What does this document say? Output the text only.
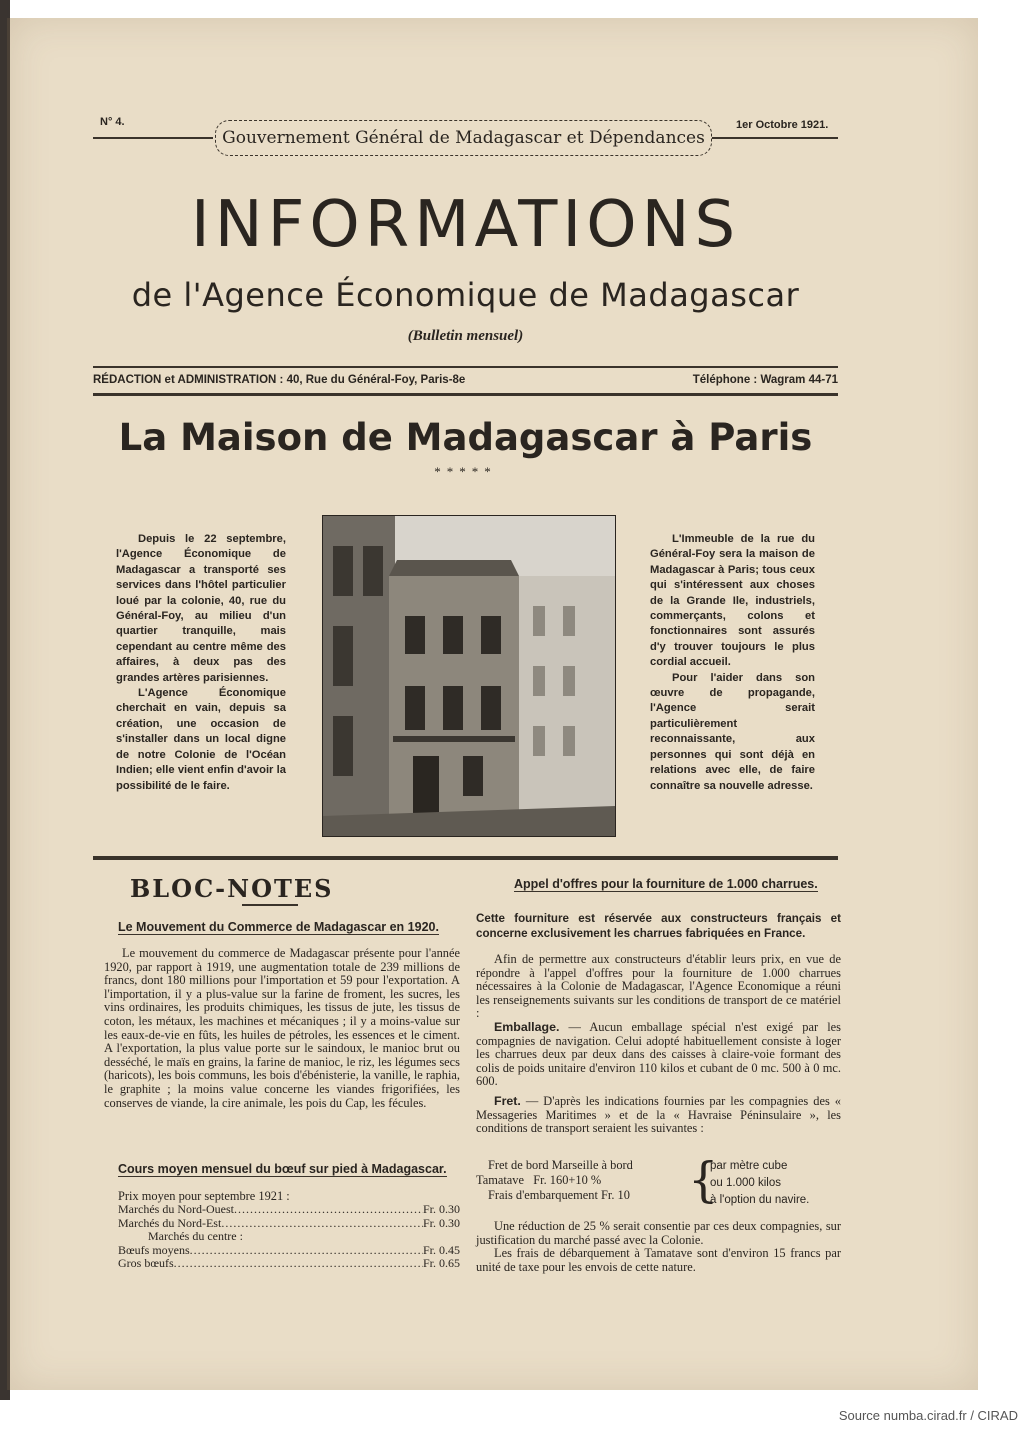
N° 4.	1er Octobre 1921.
Gouvernement Général de Madagascar et Dépendances
INFORMATIONS
de l'Agence Économique de Madagascar
(Bulletin mensuel)
RÉDACTION et ADMINISTRATION : 40, Rue du Général-Foy, Paris-8e	Téléphone : Wagram 44-71
La Maison de Madagascar à Paris
*****

Depuis le 22 septembre, l'Agence Économique de Madagascar a transporté ses services dans l'hôtel particulier loué par la colonie, 40, rue du Général-Foy, au milieu d'un quartier tranquille, mais cependant au centre même des affaires, à deux pas des grandes artères parisiennes.

L'Agence Économique cherchait en vain, depuis sa création, une occasion de s'installer dans un local digne de notre Colonie de l'Océan Indien; elle vient enfin d'avoir la possibilité de le faire.

L'Immeuble de la rue du Général-Foy sera la maison de Madagascar à Paris; tous ceux qui s'intéressent aux choses de la Grande Ile, industriels, commerçants, colons et fonctionnaires sont assurés d'y trouver toujours le plus cordial accueil.

Pour l'aider dans son œuvre de propagande, l'Agence serait particulièrement reconnaissante, aux personnes qui sont déjà en relations avec elle, de faire connaître sa nouvelle adresse.

BLOC-NOTES
Le Mouvement du Commerce de Madagascar en 1920.

Le mouvement du commerce de Madagascar présente pour l'année 1920, par rapport à 1919, une augmentation totale de 239 millions de francs, dont 180 millions pour l'importation et 59 pour l'exportation. A l'importation, il y a plus-value sur la farine de froment, les sucres, les vins ordinaires, les produits chimiques, les tissus de jute, les tissus de coton, les métaux, les machines et mécaniques ; il y a moins-value sur les eaux-de-vie en fûts, les huiles de pétroles, les essences et le ciment. A l'exportation, la plus value porte sur le saindoux, le manioc brut ou desséché, le maïs en grains, la farine de manioc, le riz, les légumes secs (haricots), les bois communs, les bois d'ébénisterie, la vanille, le raphia, le graphite ; la moins value concerne les viandes frigorifiées, les conserves de viande, la cire animale, les pois du Cap, les fécules.

Cours moyen mensuel du bœuf sur pied à Madagascar.
Prix moyen pour septembre 1921 :
Marchés du Nord-Ouest .....	Fr. 0.30
Marchés du Nord-Est .....	Fr. 0.30
Marchés du centre :
Bœufs moyens .....	Fr. 0.45
Gros bœufs .....	Fr. 0.65
Appel d'offres pour la fourniture de 1.000 charrues.
Cette fourniture est réservée aux constructeurs français et concerne exclusivement les charrues fabriquées en France.

Afin de permettre aux constructeurs d'établir leurs prix, en vue de répondre à l'appel d'offres pour la fourniture de 1.000 charrues nécessaires à la Colonie de Madagascar, l'Agence Economique a réuni les renseignements suivants sur les conditions de transport de ce matériel :

Emballage. — Aucun emballage spécial n'est exigé par les compagnies de navigation. Celui adopté habituellement consiste à loger les charrues deux par deux dans des caisses à claire-voie formant des colis de poids unitaire d'environ 110 kilos et cubant de 0 mc. 500 à 0 mc. 600.

Fret. — D'après les indications fournies par les compagnies des « Messageries Maritimes » et de la « Havraise Péninsulaire », les conditions de transport seraient les suivantes :

Fret de bord Marseille à bord
Tamatave   Fr. 160+10 %
Frais d'embarquement Fr. 10	{
par mètre cube
ou 1.000 kilos
à l'option du navire.

Une réduction de 25 % serait consentie par ces deux compagnies, sur justification du marché passé avec la Colonie.

Les frais de débarquement à Tamatave sont d'environ 15 francs par unité de taxe pour les envois de cette nature.

Source numba.cirad.fr / CIRAD
